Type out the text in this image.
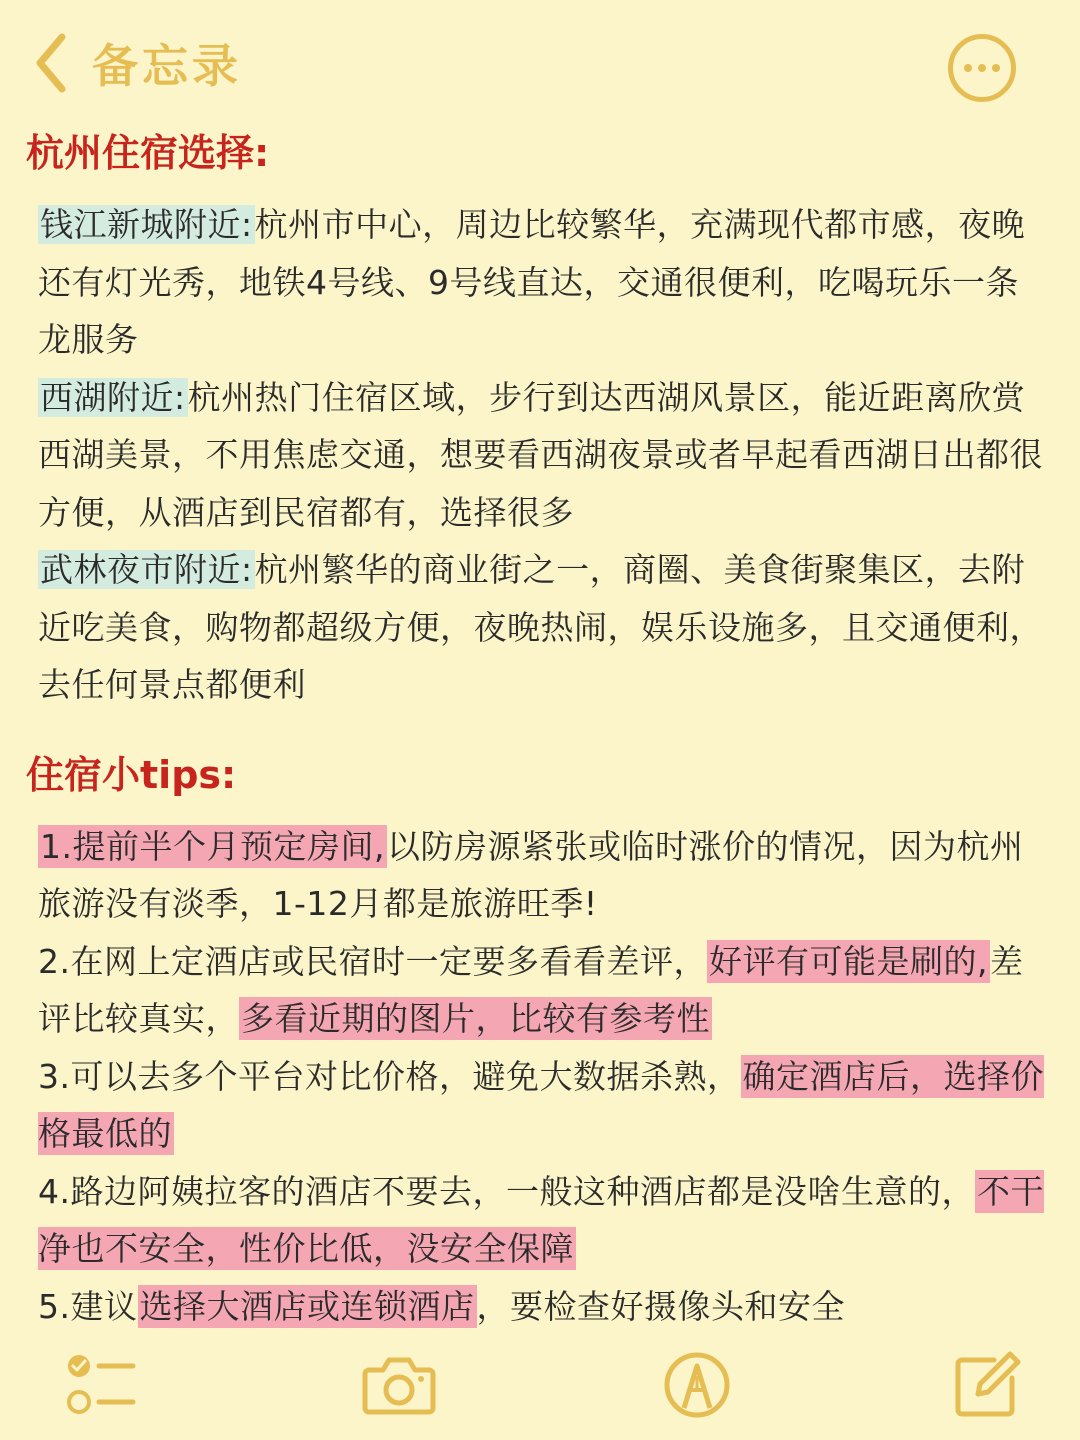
备忘录
杭州住宿选择:

钱江新城附近:杭州市中心，周边比较繁华，充满现代都市感，夜晚还有灯光秀，地铁4号线、9号线直达，交通很便利，吃喝玩乐一条龙服务

西湖附近:杭州热门住宿区域，步行到达西湖风景区，能近距离欣赏西湖美景，不用焦虑交通，想要看西湖夜景或者早起看西湖日出都很方便，从酒店到民宿都有，选择很多

武林夜市附近:杭州繁华的商业街之一，商圈、美食街聚集区，去附近吃美食，购物都超级方便，夜晚热闹，娱乐设施多，且交通便利，去任何景点都便利

住宿小tips:

1.提前半个月预定房间,以防房源紧张或临时涨价的情况，因为杭州旅游没有淡季，1-12月都是旅游旺季!

2.在网上定酒店或民宿时一定要多看看差评，好评有可能是刷的,差评比较真实，多看近期的图片，比较有参考性

3.可以去多个平台对比价格，避免大数据杀熟，确定酒店后，选择价格最低的

4.路边阿姨拉客的酒店不要去，一般这种酒店都是没啥生意的，不干净也不安全，性价比低，没安全保障

5.建议选择大酒店或连锁酒店，要检查好摄像头和安全
